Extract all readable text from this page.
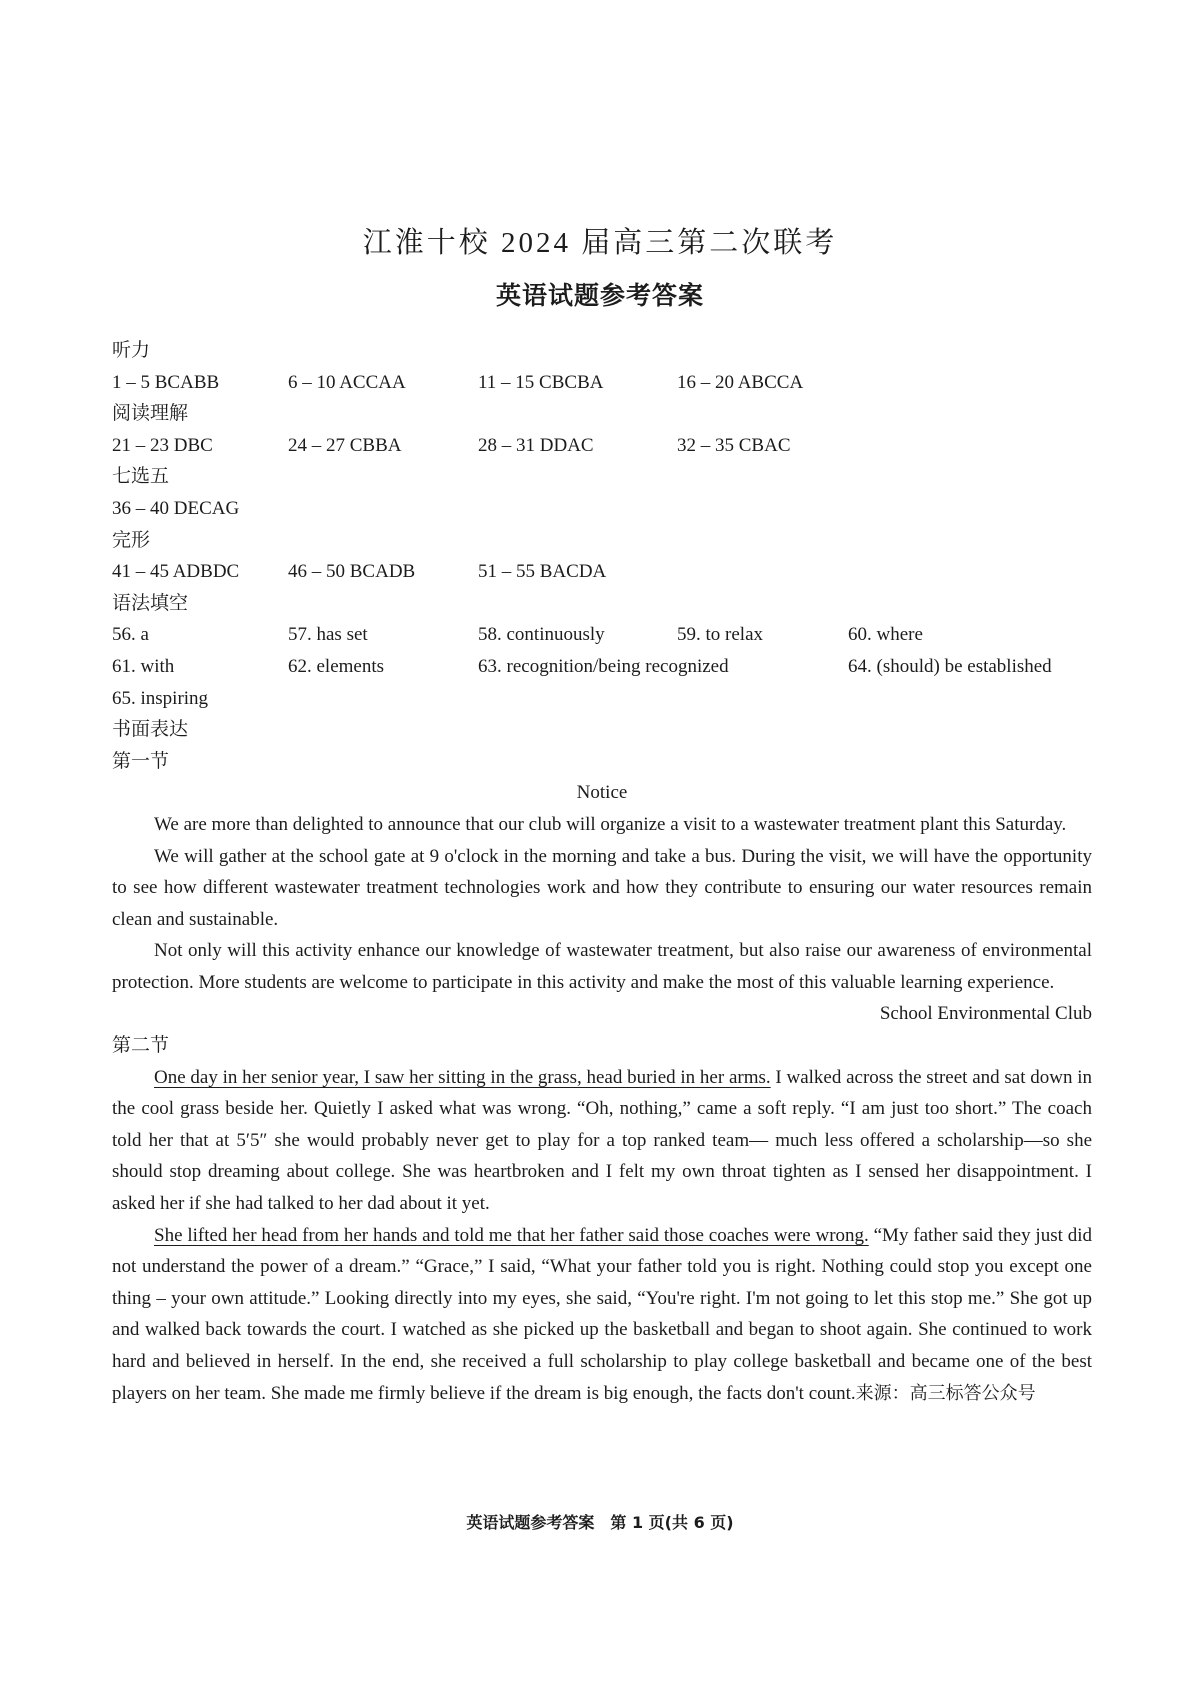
江淮十校 2024 届高三第二次联考
英语试题参考答案
听力
1 – 5 BCABB	6 – 10 ACCAA	11 – 15 CBCBA	16 – 20 ABCCA
阅读理解
21 – 23 DBC	24 – 27 CBBA	28 – 31 DDAC	32 – 35 CBAC
七选五
36 – 40 DECAG
完形
41 – 45 ADBDC	46 – 50 BCADB	51 – 55 BACDA
语法填空
56. a	57. has set	58. continuously	59. to relax	60. where
61. with	62. elements	63. recognition/being recognized	64. (should) be established
65. inspiring
书面表达
第一节
Notice

We are more than delighted to announce that our club will organize a visit to a wastewater treatment plant this Saturday.

We will gather at the school gate at 9 o'clock in the morning and take a bus. During the visit, we will have the opportunity to see how different wastewater treatment technologies work and how they contribute to ensuring our water resources remain clean and sustainable.

Not only will this activity enhance our knowledge of wastewater treatment, but also raise our awareness of environmental protection. More students are welcome to participate in this activity and make the most of this valuable learning experience.

School Environmental Club
第二节

One day in her senior year, I saw her sitting in the grass, head buried in her arms. I walked across the street and sat down in the cool grass beside her. Quietly I asked what was wrong. “Oh, nothing,” came a soft reply. “I am just too short.” The coach told her that at 5′5″ she would probably never get to play for a top ranked team— much less offered a scholarship—so she should stop dreaming about college. She was heartbroken and I felt my own throat tighten as I sensed her disappointment. I asked her if she had talked to her dad about it yet.

She lifted her head from her hands and told me that her father said those coaches were wrong. “My father said they just did not understand the power of a dream.” “Grace,” I said, “What your father told you is right. Nothing could stop you except one thing – your own attitude.” Looking directly into my eyes, she said, “You're right. I'm not going to let this stop me.” She got up and walked back towards the court. I watched as she picked up the basketball and began to shoot again. She continued to work hard and believed in herself. In the end, she received a full scholarship to play college basketball and became one of the best players on her team. She made me firmly believe if the dream is big enough, the facts don't count.来源：高三标答公众号

英语试题参考答案　第 1 页(共 6 页)
